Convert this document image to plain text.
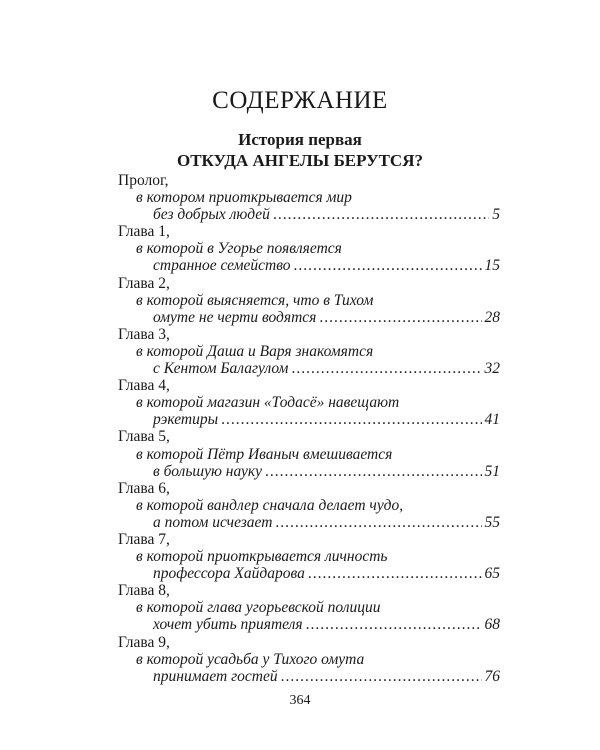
СОДЕРЖАНИЕ
История первая
ОТКУДА АНГЕЛЫ БЕРУТСЯ?
Пролог,
в котором приоткрывается мир
без добрых людей .....	5
Глава 1,
в которой в Угорье появляется
странное семейство .....	15
Глава 2,
в которой выясняется, что в Тихом
омуте не черти водятся .....	28
Глава 3,
в которой Даша и Варя знакомятся
с Кентом Балагулом .....	32
Глава 4,
в которой магазин «Тодасё» навещают
рэкетиры .....	41
Глава 5,
в которой Пётр Иваныч вмешивается
в большую науку .....	51
Глава 6,
в которой вандлер сначала делает чудо,
а потом исчезает .....	55
Глава 7,
в которой приоткрывается личность
профессора Хайдарова .....	65
Глава 8,
в которой глава угорьевской полиции
хочет убить приятеля .....	68
Глава 9,
в которой усадьба у Тихого омута
принимает гостей .....	76
364
